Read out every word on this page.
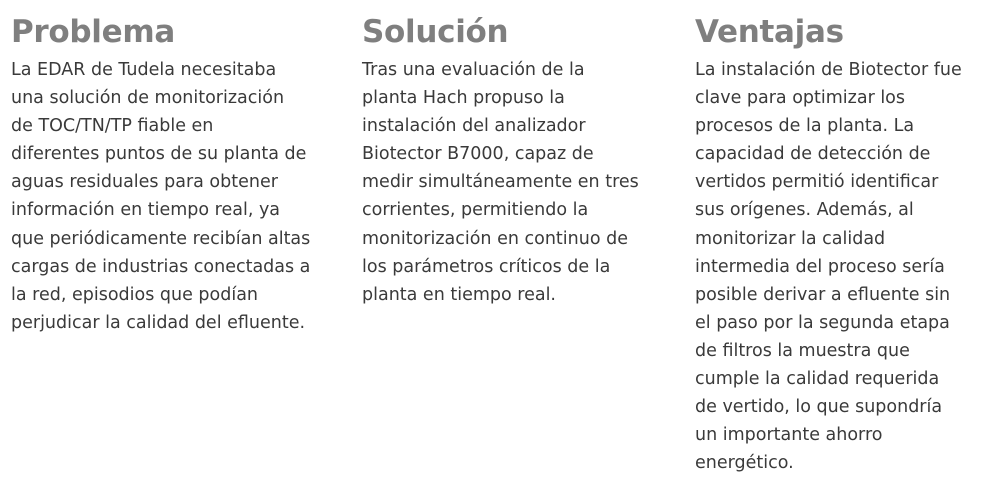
Problema

La EDAR de Tudela necesitaba
una solución de monitorización
de TOC/TN/TP fiable en
diferentes puntos de su planta de
aguas residuales para obtener
información en tiempo real, ya
que periódicamente recibían altas
cargas de industrias conectadas a
la red, episodios que podían
perjudicar la calidad del efluente.

Solución

Tras una evaluación de la
planta Hach propuso la
instalación del analizador
Biotector B7000, capaz de
medir simultáneamente en tres
corrientes, permitiendo la
monitorización en continuo de
los parámetros críticos de la
planta en tiempo real.

Ventajas

La instalación de Biotector fue
clave para optimizar los
procesos de la planta. La
capacidad de detección de
vertidos permitió identificar
sus orígenes. Además, al
monitorizar la calidad
intermedia del proceso sería
posible derivar a efluente sin
el paso por la segunda etapa
de filtros la muestra que
cumple la calidad requerida
de vertido, lo que supondría
un importante ahorro
energético.
